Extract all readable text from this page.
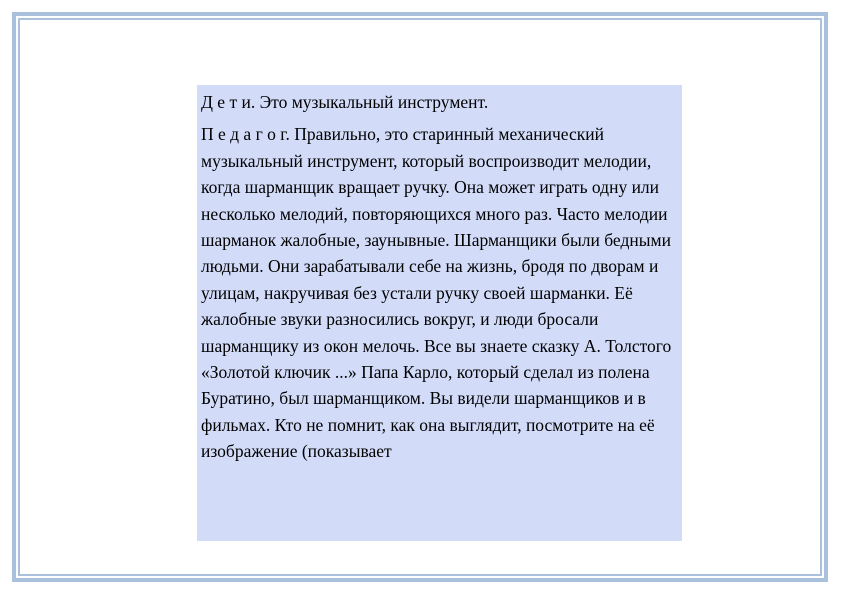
Д е т и. Это музыкальный инструмент.

П е д а г о г. Правильно, это старинный механический музыкальный инструмент, который воспроизводит мелодии, когда шарманщик вращает ручку. Она может играть одну или несколько мелодий, повторяющихся много раз. Часто мелодии шарманок жалобные, заунывные. Шарманщики были бедными людьми. Они зарабатывали себе на жизнь, бродя по дворам и улицам, накручивая без устали ручку своей шарманки. Её жалобные звуки разносились вокруг, и люди бросали шарманщику из окон мелочь. Все вы знаете сказку А. Толстого «Золотой ключик ...» Папа Карло, который сделал из полена Буратино, был шарманщиком. Вы видели шарманщиков и в фильмах. Кто не помнит, как она выглядит, посмотрите на её изображение (показывает
